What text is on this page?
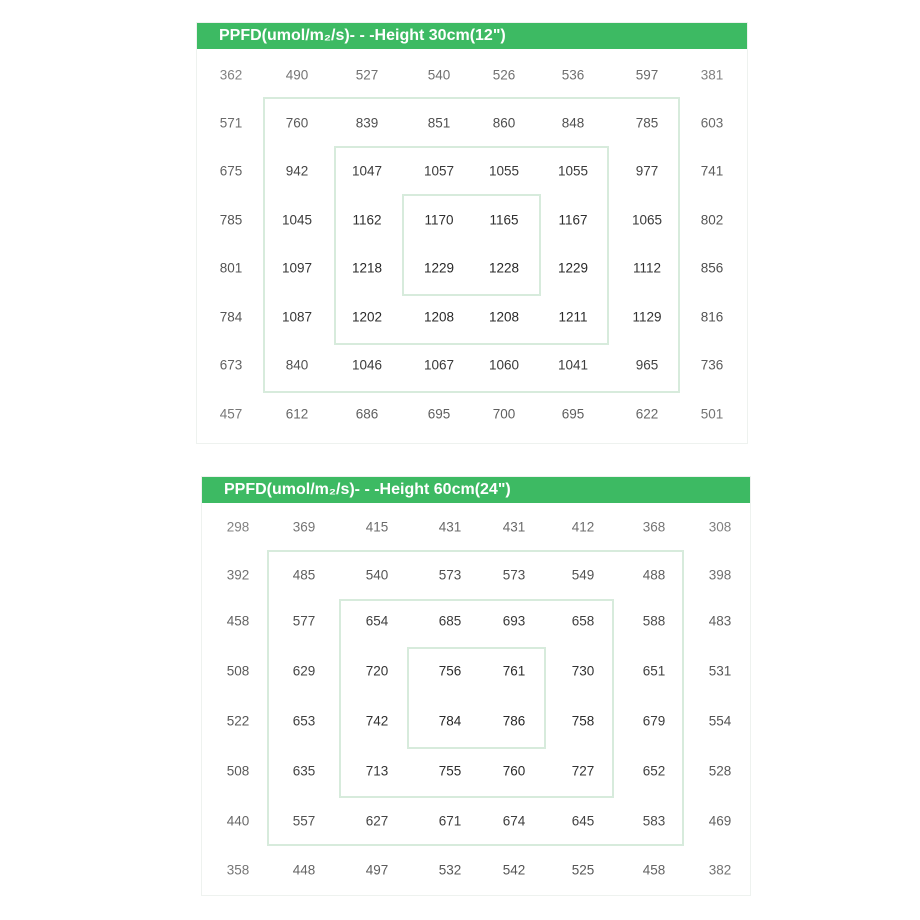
PPFD(umol/m₂/s)- - -Height 30cm(12")
PPFD(umol/m₂/s)- - -Height 60cm(24")
362	490	527	540	526	536	597	381
571	760	839	851	860	848	785	603
675	942	1047	1057	1055	1055	977	741
785	1045	1162	1170	1165	1167	1065	802
801	1097	1218	1229	1228	1229	1112	856
784	1087	1202	1208	1208	1211	1129	816
673	840	1046	1067	1060	1041	965	736
457	612	686	695	700	695	622	501
298	369	415	431	431	412	368	308
392	485	540	573	573	549	488	398
458	577	654	685	693	658	588	483
508	629	720	756	761	730	651	531
522	653	742	784	786	758	679	554
508	635	713	755	760	727	652	528
440	557	627	671	674	645	583	469
358	448	497	532	542	525	458	382
